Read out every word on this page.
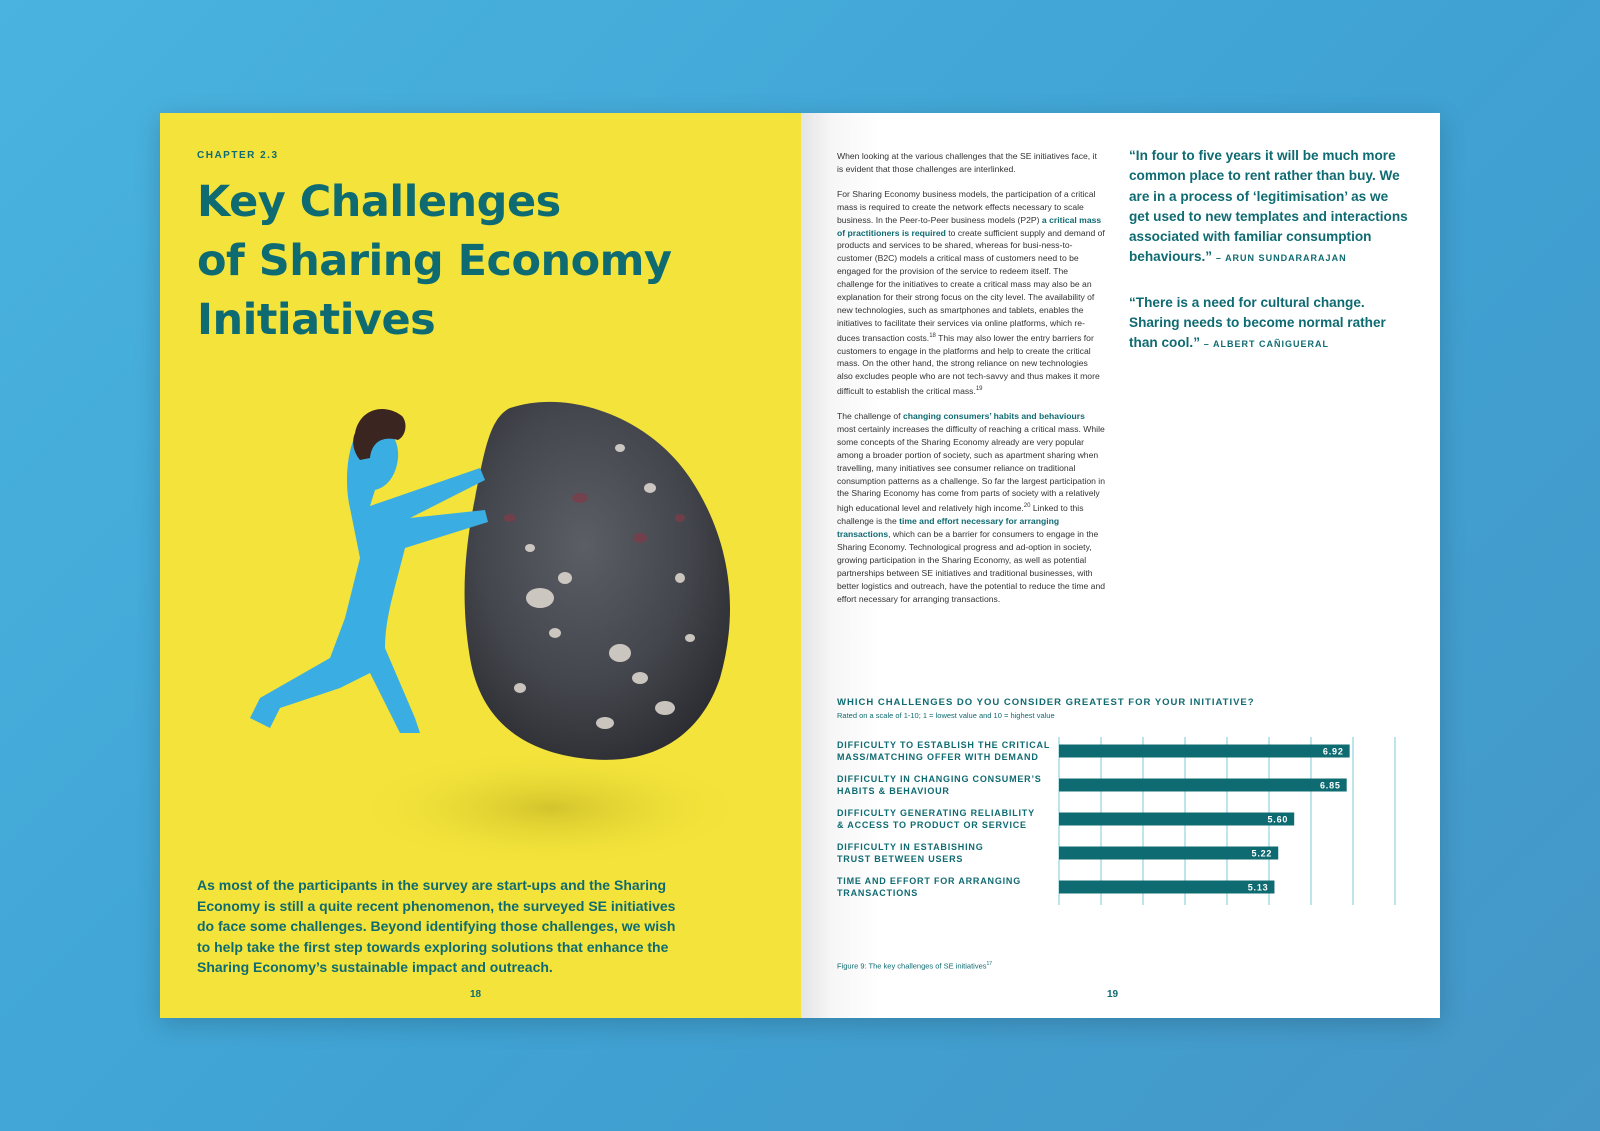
CHAPTER 2.3
Key Challenges
of Sharing Economy
Initiatives

As most of the participants in the survey are start-ups and the Sharing Economy is still a quite recent phenomenon, the surveyed SE initiatives do face some challenges. Beyond identifying those challenges, we wish to help take the first step towards exploring solutions that enhance the Sharing Economy’s sustainable impact and outreach.

18

When looking at the various challenges that the SE initiatives face, it is evident that those challenges are interlinked.

For Sharing Economy business models, the participation of a critical mass is required to create the network effects necessary to scale business. In the Peer-to-Peer business models (P2P) a critical mass of practitioners is required to create sufficient supply and demand of products and services to be shared, whereas for busi-ness-to-customer (B2C) models a critical mass of customers need to be engaged for the provision of the service to redeem itself. The challenge for the initiatives to create a critical mass may also be an explanation for their strong focus on the city level. The availability of new technologies, such as smartphones and tablets, enables the initiatives to facilitate their services via online platforms, which re-duces transaction costs.$^{18}$ This may also lower the entry barriers for customers to engage in the platforms and help to create the critical mass. On the other hand, the strong reliance on new technologies also excludes people who are not tech-savvy and thus makes it more difficult to establish the critical mass.$^{19}$

The challenge of changing consumers’ habits and behaviours most certainly increases the difficulty of reaching a critical mass. While some concepts of the Sharing Economy already are very popular among a broader portion of society, such as apartment sharing when travelling, many initiatives see consumer reliance on traditional consumption patterns as a challenge. So far the largest participation in the Sharing Economy has come from parts of society with a relatively high educational level and relatively high income.$^{20}$ Linked to this challenge is the time and effort necessary for arranging transactions, which can be a barrier for consumers to engage in the Sharing Economy. Technological progress and ad-option in society, growing participation in the Sharing Economy, as well as potential partnerships between SE initiatives and traditional businesses, with better logistics and outreach, have the potential to reduce the time and effort necessary for arranging transactions.

“In four to five years it will be much more common place to rent rather than buy. We are in a process of ‘legitimisation’ as we get used to new templates and interactions associated with familiar consumption behaviours.” – ARUN SUNDARARAJAN

“There is a need for cultural change. Sharing needs to become normal rather than cool.” – ALBERT CAÑIGUERAL

WHICH CHALLENGES DO YOU CONSIDER GREATEST FOR YOUR INITIATIVE?
Rated on a scale of 1-10; 1 = lowest value and 10 = highest value
DIFFICULTY TO ESTABLISH THE CRITICAL MASS/MATCHING OFFER WITH DEMAND
6.92
DIFFICULTY IN CHANGING CONSUMER’S HABITS & BEHAVIOUR
6.85
DIFFICULTY GENERATING RELIABILITY & ACCESS TO PRODUCT OR SERVICE
5.60
DIFFICULTY IN ESTABISHING TRUST BETWEEN USERS
5.22
TIME AND EFFORT FOR ARRANGING TRANSACTIONS
5.13
Figure 9: The key challenges of SE initiatives$^{17}$
19
